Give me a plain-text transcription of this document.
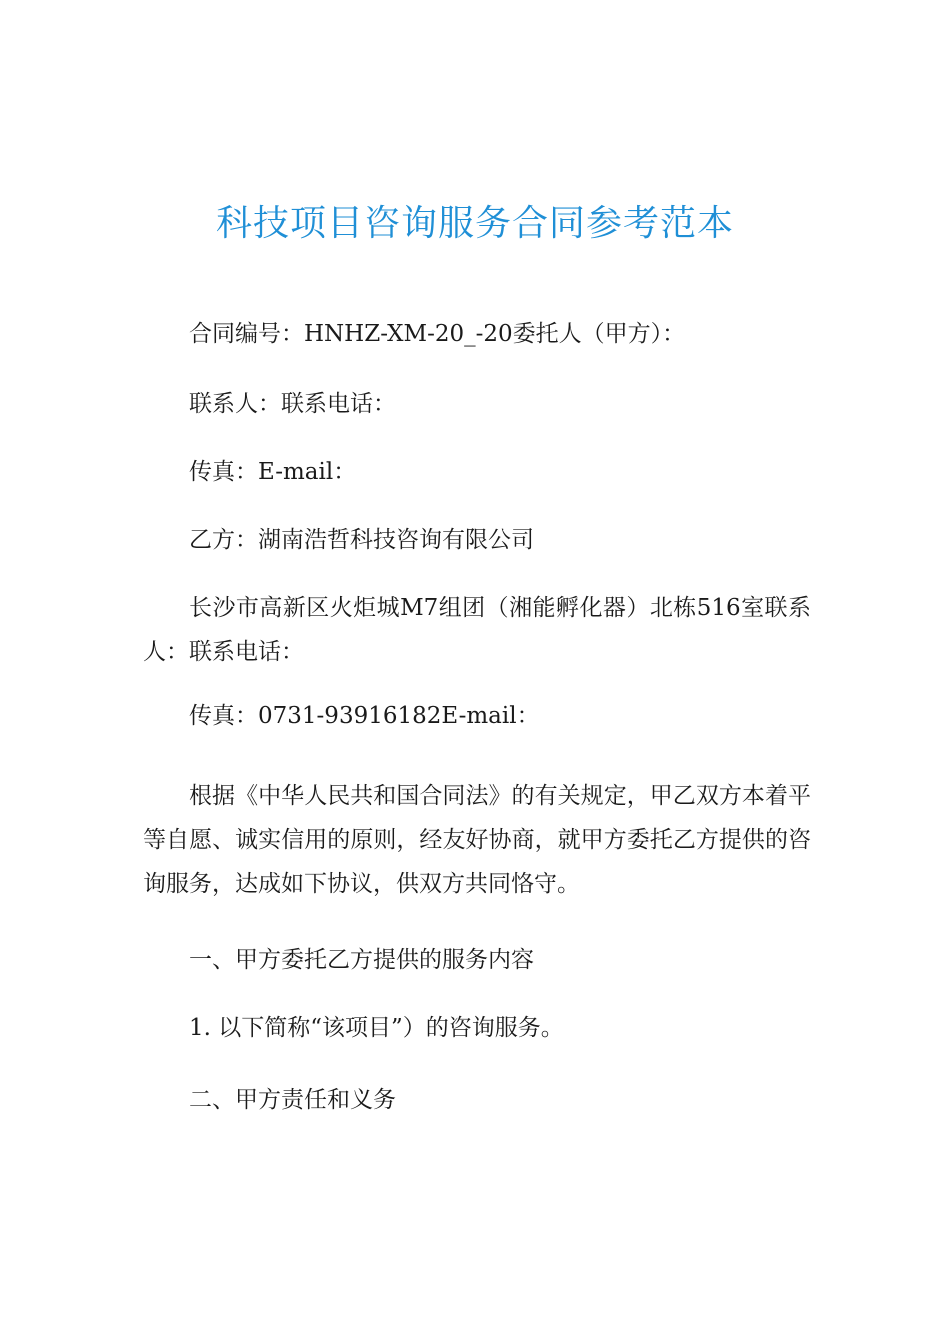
科技项目咨询服务合同参考范本

合同编号：HNHZ-XM-20_-20委托人（甲方）：

联系人：联系电话：

传真：E-mail：

乙方：湖南浩哲科技咨询有限公司

长沙市高新区火炬城M7组团（湘能孵化器）北栋516室联系人：联系电话：

传真：0731-93916182E-mail：

根据《中华人民共和国合同法》的有关规定，甲乙双方本着平等自愿、诚实信用的原则，经友好协商，就甲方委托乙方提供的咨询服务，达成如下协议，供双方共同恪守。

一、甲方委托乙方提供的服务内容

1. 以下简称“该项目”）的咨询服务。

二、甲方责任和义务
